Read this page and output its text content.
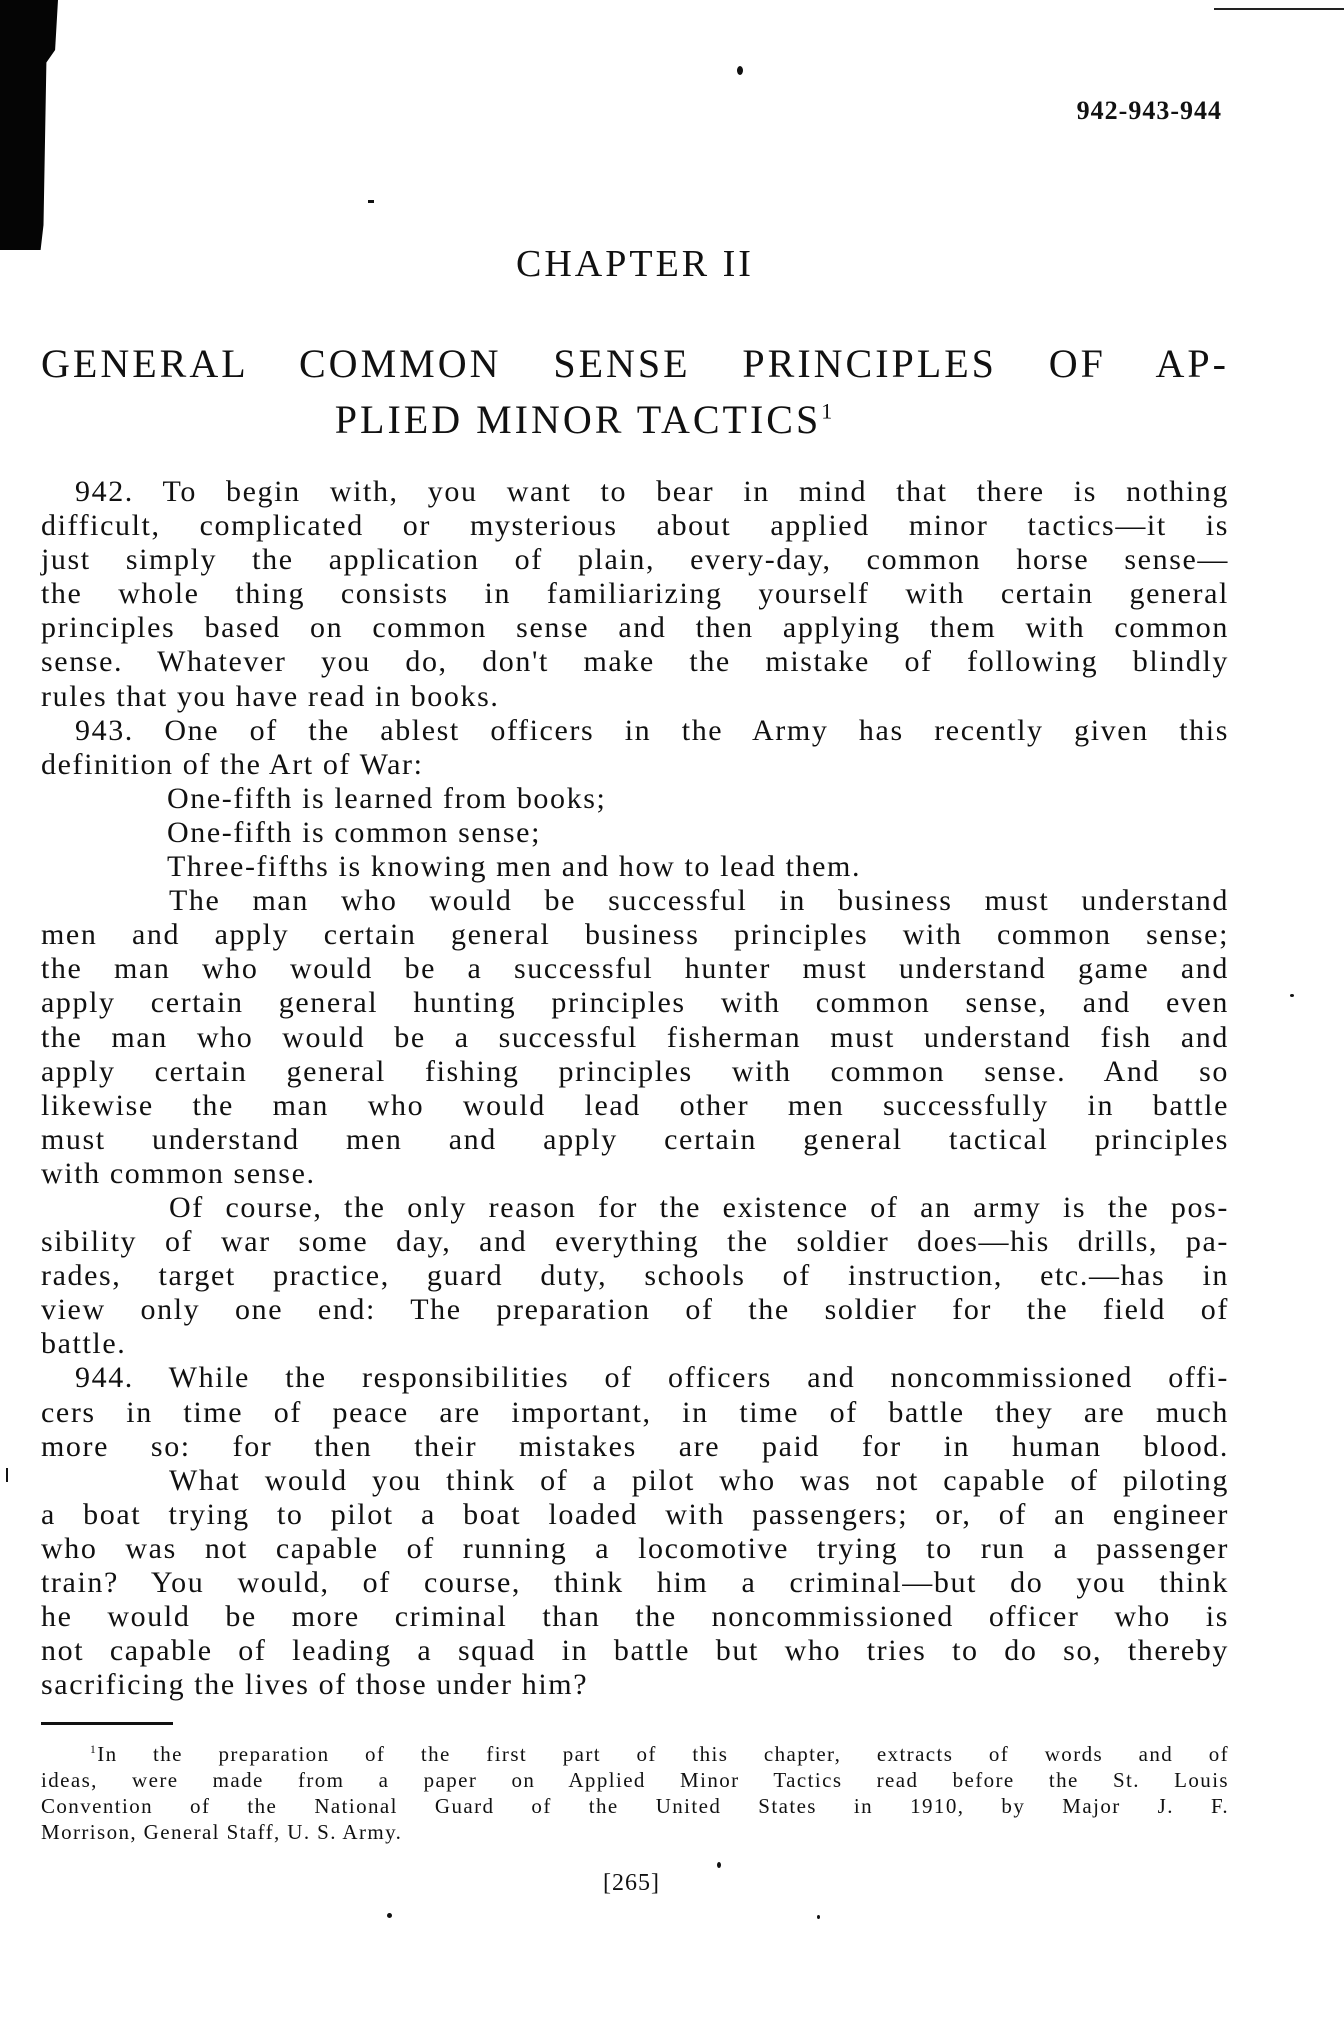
942-943-944
CHAPTER II
GENERAL COMMON SENSE PRINCIPLES OF AP-
PLIED MINOR TACTICS$^1$
942. To begin with, you want to bear in mind that there is nothing
difficult, complicated or mysterious about applied minor tactics—it is
just simply the application of plain, every-day, common horse sense—
the whole thing consists in familiarizing yourself with certain general
principles based on common sense and then applying them with common
sense. Whatever you do, don't make the mistake of following blindly
rules that you have read in books.
943. One of the ablest officers in the Army has recently given this
definition of the Art of War:
One-fifth is learned from books;
One-fifth is common sense;
Three-fifths is knowing men and how to lead them.
The man who would be successful in business must understand
men and apply certain general business principles with common sense;
the man who would be a successful hunter must understand game and
apply certain general hunting principles with common sense, and even
the man who would be a successful fisherman must understand fish and
apply certain general fishing principles with common sense. And so
likewise the man who would lead other men successfully in battle
must understand men and apply certain general tactical principles
with common sense.
Of course, the only reason for the existence of an army is the pos-
sibility of war some day, and everything the soldier does—his drills, pa-
rades, target practice, guard duty, schools of instruction, etc.—has in
view only one end: The preparation of the soldier for the field of
battle.
944. While the responsibilities of officers and noncommissioned offi-
cers in time of peace are important, in time of battle they are much
more so: for then their mistakes are paid for in human blood.
What would you think of a pilot who was not capable of piloting
a boat trying to pilot a boat loaded with passengers; or, of an engineer
who was not capable of running a locomotive trying to run a passenger
train? You would, of course, think him a criminal—but do you think
he would be more criminal than the noncommissioned officer who is
not capable of leading a squad in battle but who tries to do so, thereby
sacrificing the lives of those under him?
$^1$In the preparation of the first part of this chapter, extracts of words and of
ideas, were made from a paper on Applied Minor Tactics read before the St. Louis
Convention of the National Guard of the United States in 1910, by Major J. F.
Morrison, General Staff, U. S. Army.
[265]
